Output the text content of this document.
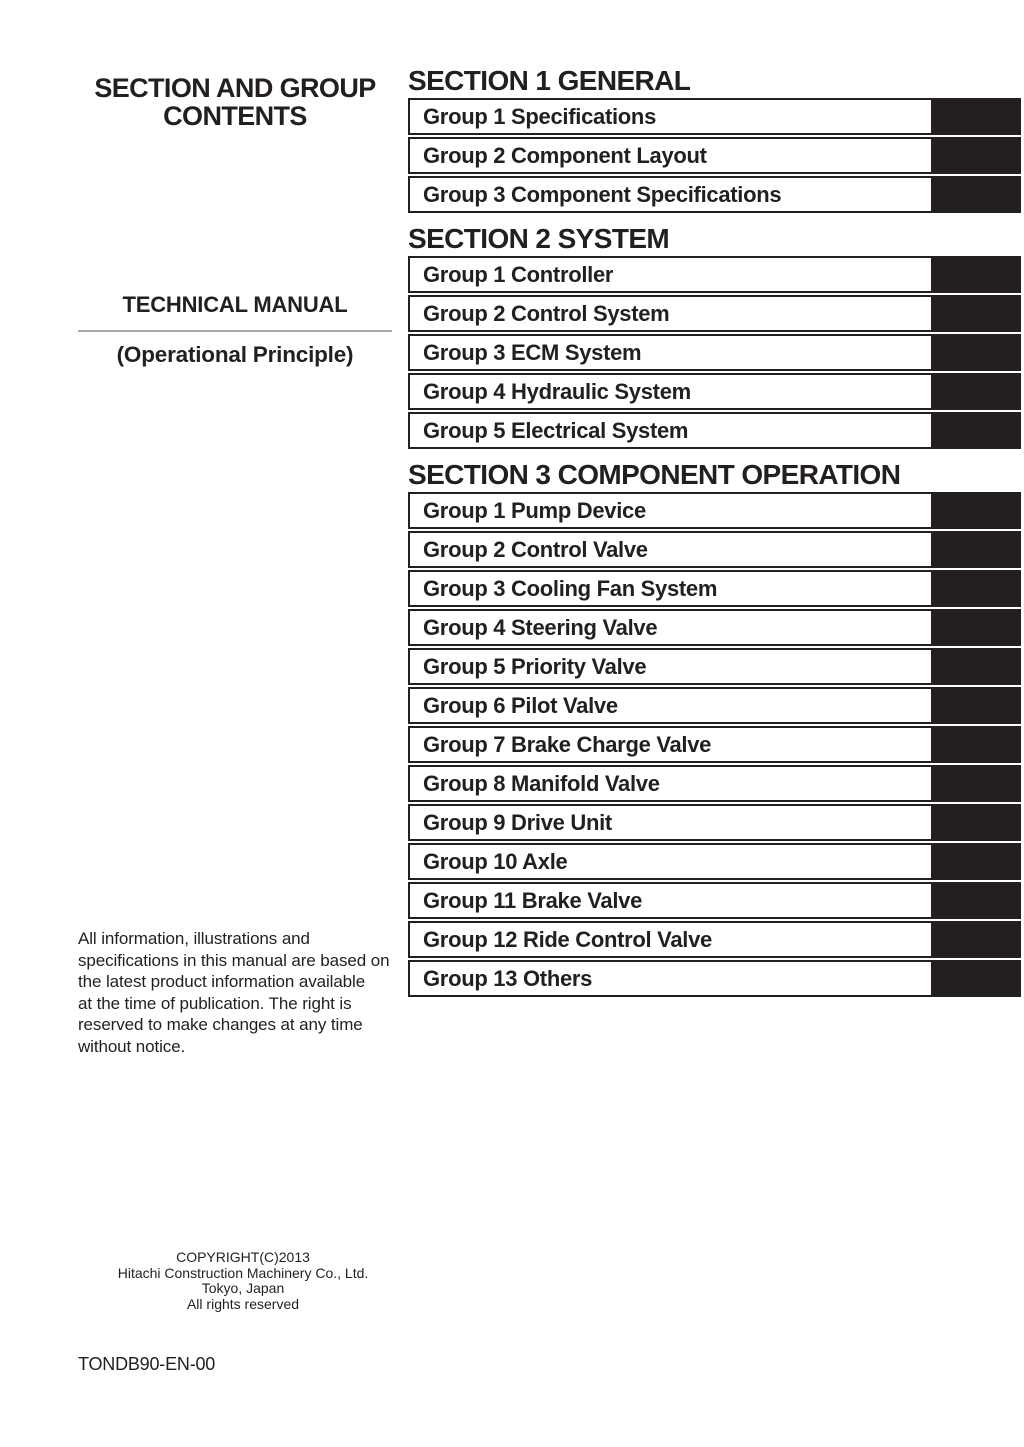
SECTION AND GROUP
CONTENTS
TECHNICAL MANUAL
(Operational Principle)
All information, illustrations and
specifications in this manual are based on
the latest product information available
at the time of publication. The right is
reserved to make changes at any time
without notice.
COPYRIGHT(C)2013
Hitachi Construction Machinery Co., Ltd.
Tokyo, Japan
All rights reserved
TONDB90-EN-00
SECTION 1 GENERAL
Group 1 Specifications
Group 2 Component Layout
Group 3 Component Specifications
SECTION 2 SYSTEM
Group 1 Controller
Group 2 Control System
Group 3 ECM System
Group 4 Hydraulic System
Group 5 Electrical System
SECTION 3 COMPONENT OPERATION
Group 1 Pump Device
Group 2 Control Valve
Group 3 Cooling Fan System
Group 4 Steering Valve
Group 5 Priority Valve
Group 6 Pilot Valve
Group 7 Brake Charge Valve
Group 8 Manifold Valve
Group 9 Drive Unit
Group 10 Axle
Group 11 Brake Valve
Group 12 Ride Control Valve
Group 13 Others
